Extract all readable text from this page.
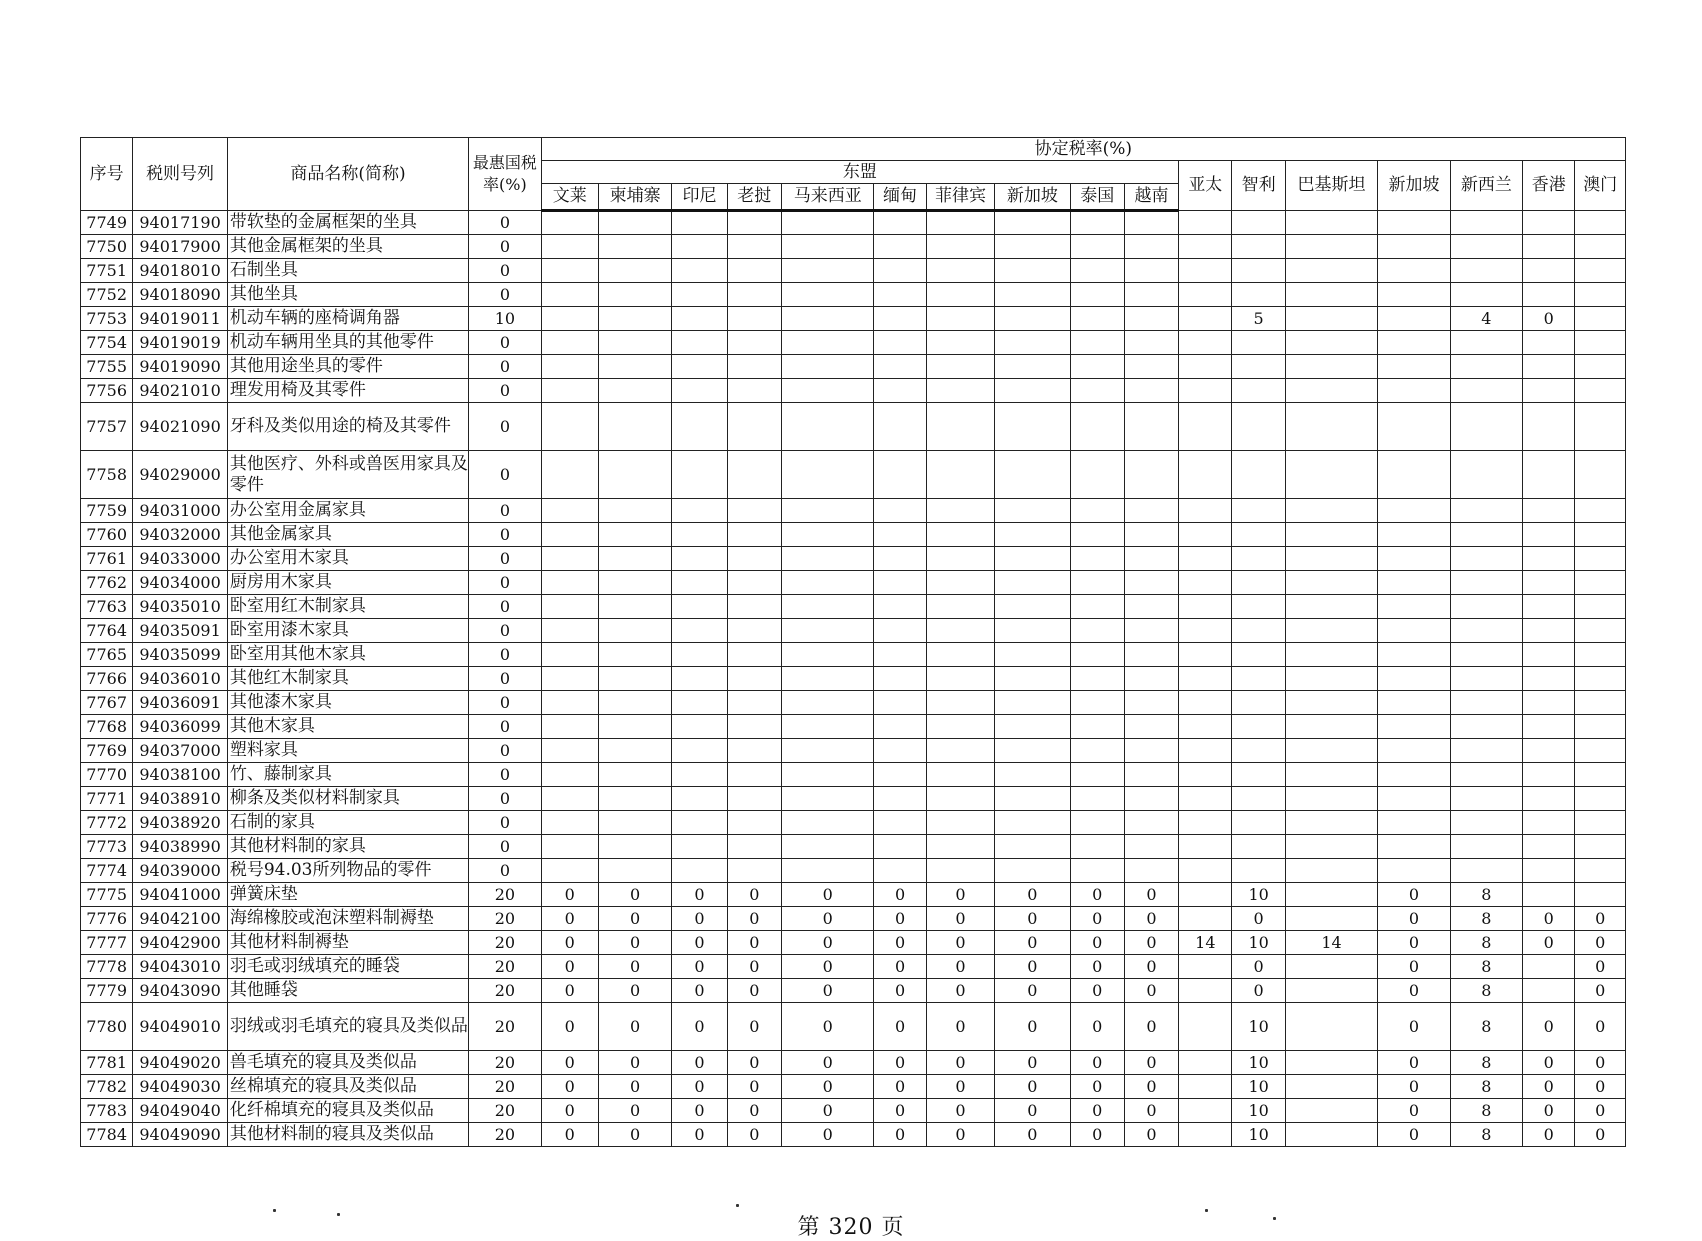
序号	税则号列	商品名称(简称)	最惠国税率(%)	协定税率(%)																
				东盟										亚太	智利	巴基斯坦	新加坡	新西兰	香港	澳门
				文莱	柬埔寨	印尼	老挝	马来西亚	缅甸	菲律宾	新加坡	泰国	越南							
7749	94017190	带软垫的金属框架的坐具	0																	
7750	94017900	其他金属框架的坐具	0																	
7751	94018010	石制坐具	0																	
7752	94018090	其他坐具	0																	
7753	94019011	机动车辆的座椅调角器	10												5			4	0	
7754	94019019	机动车辆用坐具的其他零件	0																	
7755	94019090	其他用途坐具的零件	0																	
7756	94021010	理发用椅及其零件	0																	
7757	94021090	牙科及类似用途的椅及其零件	0																	
7758	94029000	其他医疗、外科或兽医用家具及零件	0																	
7759	94031000	办公室用金属家具	0																	
7760	94032000	其他金属家具	0																	
7761	94033000	办公室用木家具	0																	
7762	94034000	厨房用木家具	0																	
7763	94035010	卧室用红木制家具	0																	
7764	94035091	卧室用漆木家具	0																	
7765	94035099	卧室用其他木家具	0																	
7766	94036010	其他红木制家具	0																	
7767	94036091	其他漆木家具	0																	
7768	94036099	其他木家具	0																	
7769	94037000	塑料家具	0																	
7770	94038100	竹、藤制家具	0																	
7771	94038910	柳条及类似材料制家具	0																	
7772	94038920	石制的家具	0																	
7773	94038990	其他材料制的家具	0																	
7774	94039000	税号94.03所列物品的零件	0																	
7775	94041000	弹簧床垫	20	0	0	0	0	0	0	0	0	0	0		10		0	8		
7776	94042100	海绵橡胶或泡沫塑料制褥垫	20	0	0	0	0	0	0	0	0	0	0		0		0	8	0	0
7777	94042900	其他材料制褥垫	20	0	0	0	0	0	0	0	0	0	0	14	10	14	0	8	0	0
7778	94043010	羽毛或羽绒填充的睡袋	20	0	0	0	0	0	0	0	0	0	0		0		0	8		0
7779	94043090	其他睡袋	20	0	0	0	0	0	0	0	0	0	0		0		0	8		0
7780	94049010	羽绒或羽毛填充的寝具及类似品	20	0	0	0	0	0	0	0	0	0	0		10		0	8	0	0
7781	94049020	兽毛填充的寝具及类似品	20	0	0	0	0	0	0	0	0	0	0		10		0	8	0	0
7782	94049030	丝棉填充的寝具及类似品	20	0	0	0	0	0	0	0	0	0	0		10		0	8	0	0
7783	94049040	化纤棉填充的寝具及类似品	20	0	0	0	0	0	0	0	0	0	0		10		0	8	0	0
7784	94049090	其他材料制的寝具及类似品	20	0	0	0	0	0	0	0	0	0	0		10		0	8	0	0
第 320 页
